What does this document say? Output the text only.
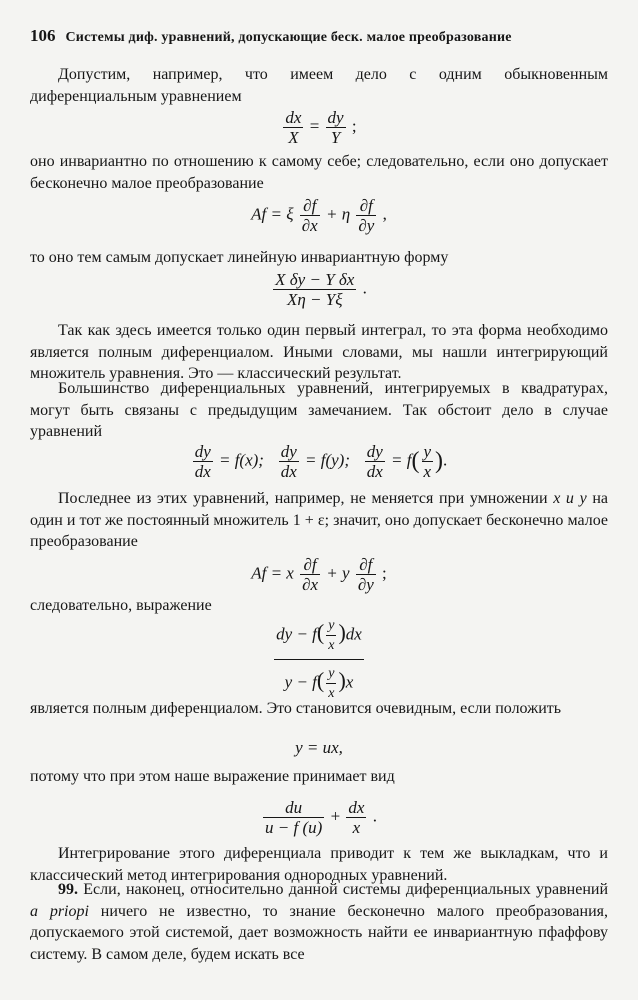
106 Системы диф. уравнений, допускающие беск. малое преобразование
Допустим, например, что имеем дело с одним обыкновенным диференциальным уравнением
$\frac{dx}{X} = \frac{dy}{Y}$ ;
оно инвариантно по отношению к самому себе; следовательно, если оно допускает бесконечно малое преобразование
Af = ξ $\frac{\partial f}{\partial x} + \eta \frac{\partial f}{\partial y}$ ,
то оно тем самым допускает линейную инвариантную форму
$\frac{\text{X δy − Y δx}}{X\eta - Y\xi}$ .
Так как здесь имеется только один первый интеграл, то эта форма необходимо является полным диференциалом. Иными словами, мы нашли интегрирующий множитель уравнения. Это — классический результат.
Большинство диференциальных уравнений, интегрируемых в квадратурах, могут быть связаны с предыдущим замечанием. Так обстоит дело в случае уравнений
$\frac{dy}{dx} = f(x)$; $\frac{dy}{dx} = f(y)$; $\frac{dy}{dx} = f( \frac{y}{x}$ ).
Последнее из этих уравнений, например, не меняется при умножении x и y на один и тот же постоянный множитель 1 + ε; значит, оно допускает бесконечно малое преобразование
Af = x $\frac{\partial f}{\partial x} + y \frac{\partial f}{\partial y}$ ;
следовательно, выражение
$\frac{dy - f( \frac{y}{x} )dx}{y - f( \frac{y}{x} )x}$
является полным диференциалом. Это становится очевидным, если положить
y = ux,
потому что при этом наше выражение принимает вид
$\frac{du}{u - f (u)} + \frac{dx}{x}$ .
Интегрирование этого диференциала приводит к тем же выкладкам, что и классический метод интегрирования однородных уравнений.
99. Если, наконец, относительно данной системы диференциальных уравнений a priopi ничего не известно, то знание бесконечно малого преобразования, допускаемого этой системой, дает возможность найти ее инвариантную пфаффову систему. В самом деле, будем искать все
